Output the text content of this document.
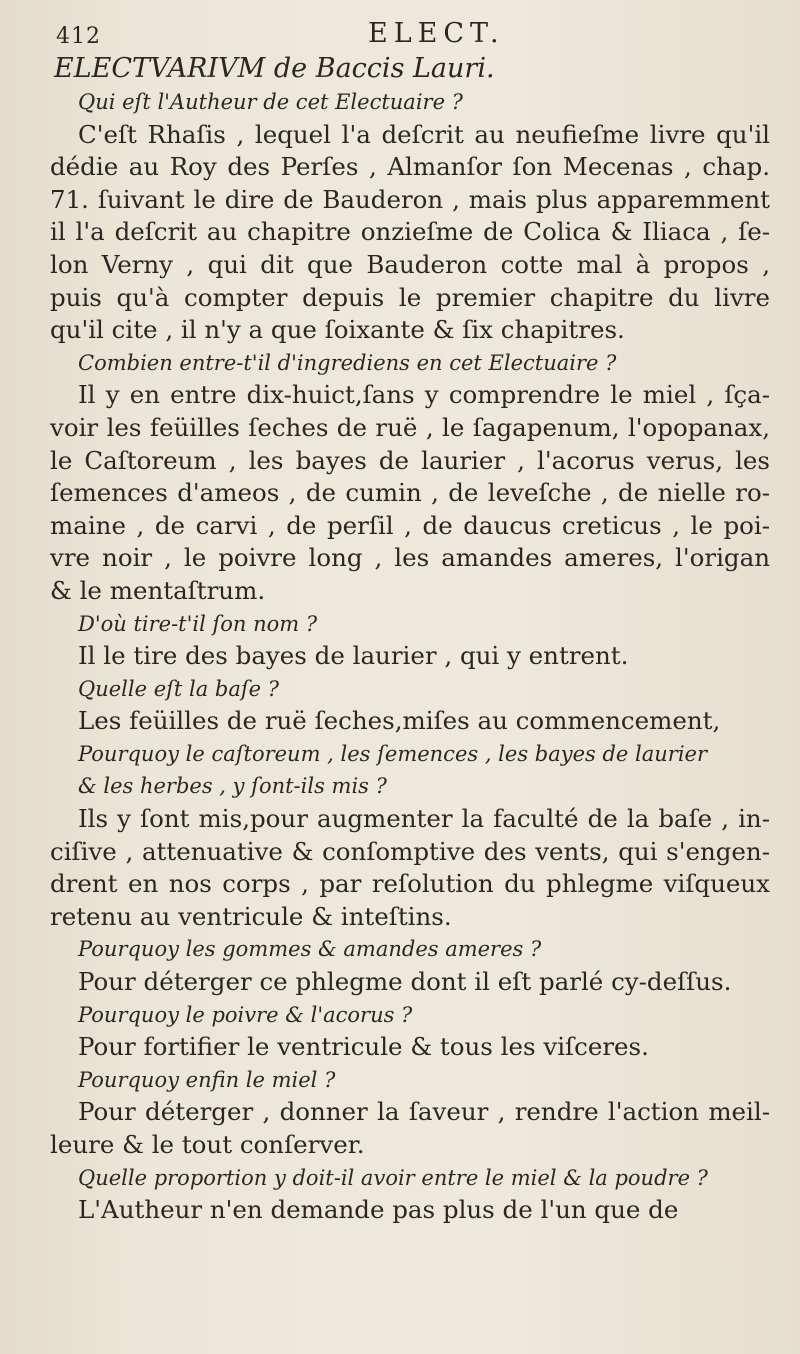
412	ELECT.
ELECTVARIVM de Baccis Lauri.
Qui eſt l'Autheur de cet Electuaire ?
C'eſt Rhaſis , lequel l'a deſcrit au neufieſme livre qu'il
dédie au Roy des Perſes , Almanſor ſon Mecenas , chap.
71. ſuivant le dire de Bauderon , mais plus apparemment
il l'a deſcrit au chapitre onzieſme de Colica & Iliaca , ſe-
lon Verny , qui dit que Bauderon cotte mal à propos ,
puis qu'à compter depuis le premier chapitre du livre
qu'il cite , il n'y a que ſoixante & ſix chapitres.
Combien entre-t'il d'ingrediens en cet Electuaire ?
Il y en entre dix-huict,ſans y comprendre le miel , ſça-
voir les feüilles ſeches de ruë , le ſagapenum, l'opopanax,
le Caſtoreum , les bayes de laurier , l'acorus verus, les
ſemences d'ameos , de cumin , de leveſche , de nielle ro-
maine , de carvi , de perſil , de daucus creticus , le poi-
vre noir , le poivre long , les amandes ameres, l'origan
& le mentaſtrum.
D'où tire-t'il ſon nom ?
Il le tire des bayes de laurier , qui y entrent.
Quelle eſt la baſe ?
Les feüilles de ruë ſeches,miſes au commencement,
Pourquoy le caſtoreum , les ſemences , les bayes de laurier
& les herbes , y ſont-ils mis ?
Ils y ſont mis,pour augmenter la faculté de la baſe , in-
ciſive , attenuative & conſomptive des vents, qui s'engen-
drent en nos corps , par reſolution du phlegme viſqueux
retenu au ventricule & inteſtins.
Pourquoy les gommes & amandes ameres ?
Pour déterger ce phlegme dont il eſt parlé cy-deſſus.
Pourquoy le poivre & l'acorus ?
Pour fortifier le ventricule & tous les viſceres.
Pourquoy enfin le miel ?
Pour déterger , donner la ſaveur , rendre l'action meil-
leure & le tout conſerver.
Quelle proportion y doit-il avoir entre le miel & la poudre ?
L'Autheur n'en demande pas plus de l'un que de
